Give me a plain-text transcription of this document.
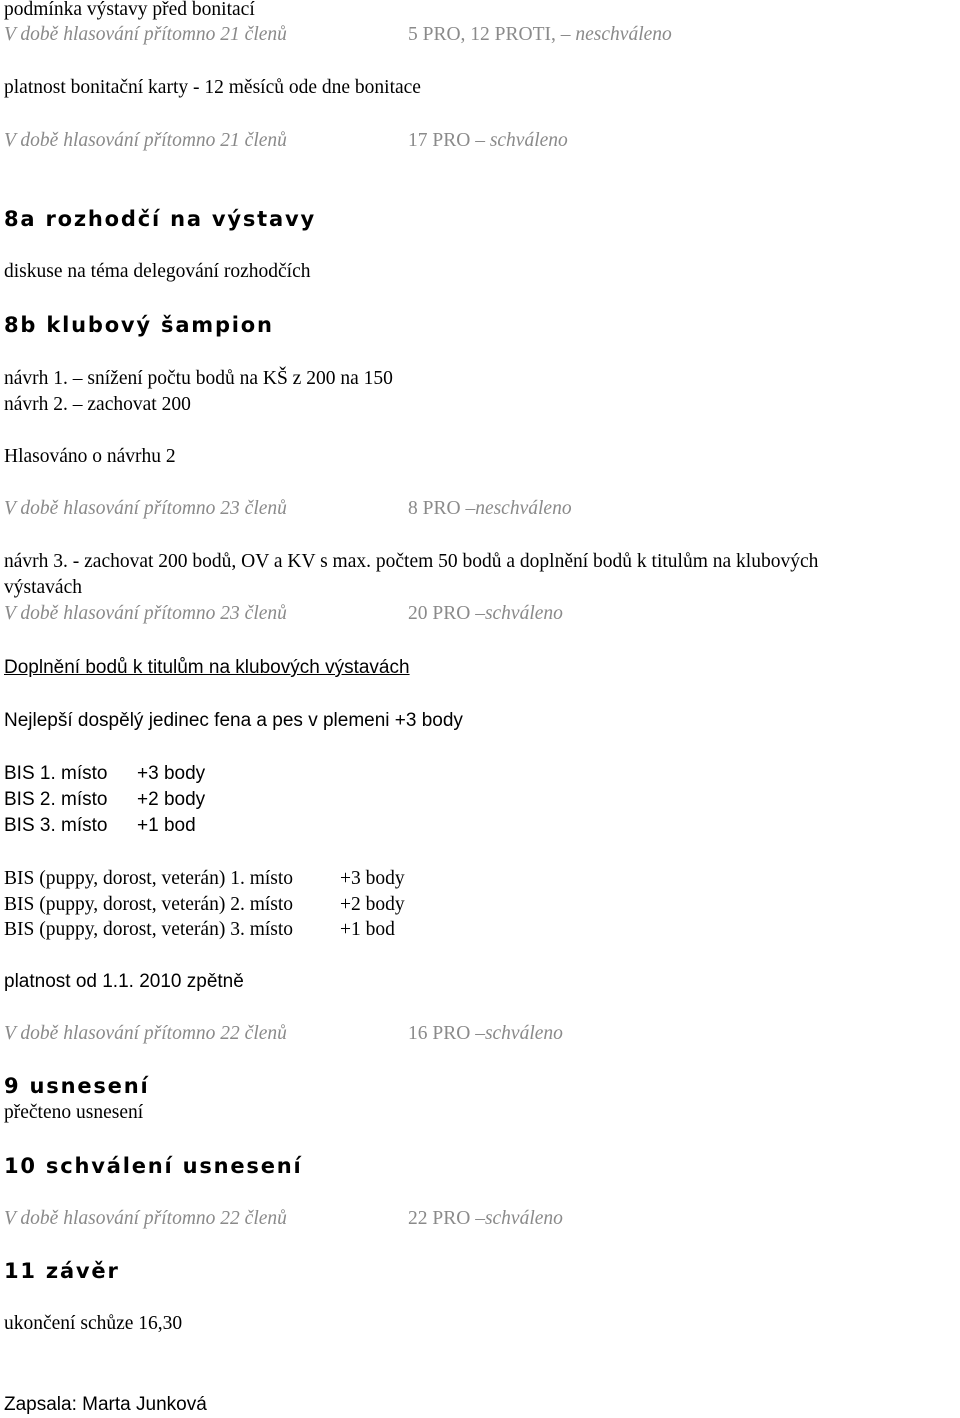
podmínka výstavy před bonitací
V době hlasování přítomno 21 členů	5 PRO, 12 PROTI, – neschváleno
platnost bonitační karty - 12 měsíců ode dne bonitace
V době hlasování přítomno 21 členů	17 PRO – schváleno
8a rozhodčí na výstavy
diskuse na téma delegování rozhodčích
8b klubový šampion
návrh 1. – snížení počtu bodů na KŠ z 200 na 150
návrh 2. – zachovat 200
Hlasováno o návrhu 2
V době hlasování přítomno 23 členů	8 PRO –neschváleno
návrh 3. - zachovat 200 bodů, OV a KV s max. počtem 50 bodů a doplnění bodů k titulům na klubových
výstavách
V době hlasování přítomno 23 členů	20 PRO –schváleno
Doplnění bodů k titulům na klubových výstavách
Nejlepší dospělý jedinec fena a pes v plemeni +3 body
BIS 1. místo +3 body
BIS 2. místo +2 body
BIS 3. místo +1 bod
BIS (puppy, dorost, veterán) 1. místo +3 body
BIS (puppy, dorost, veterán) 2. místo +2 body
BIS (puppy, dorost, veterán) 3. místo +1 bod
platnost od 1.1. 2010 zpětně
V době hlasování přítomno 22 členů	16 PRO –schváleno
9 usnesení
přečteno usnesení
10 schválení usnesení
V době hlasování přítomno 22 členů	22 PRO –schváleno
11 závěr
ukončení schůze 16,30
Zapsala: Marta Junková
